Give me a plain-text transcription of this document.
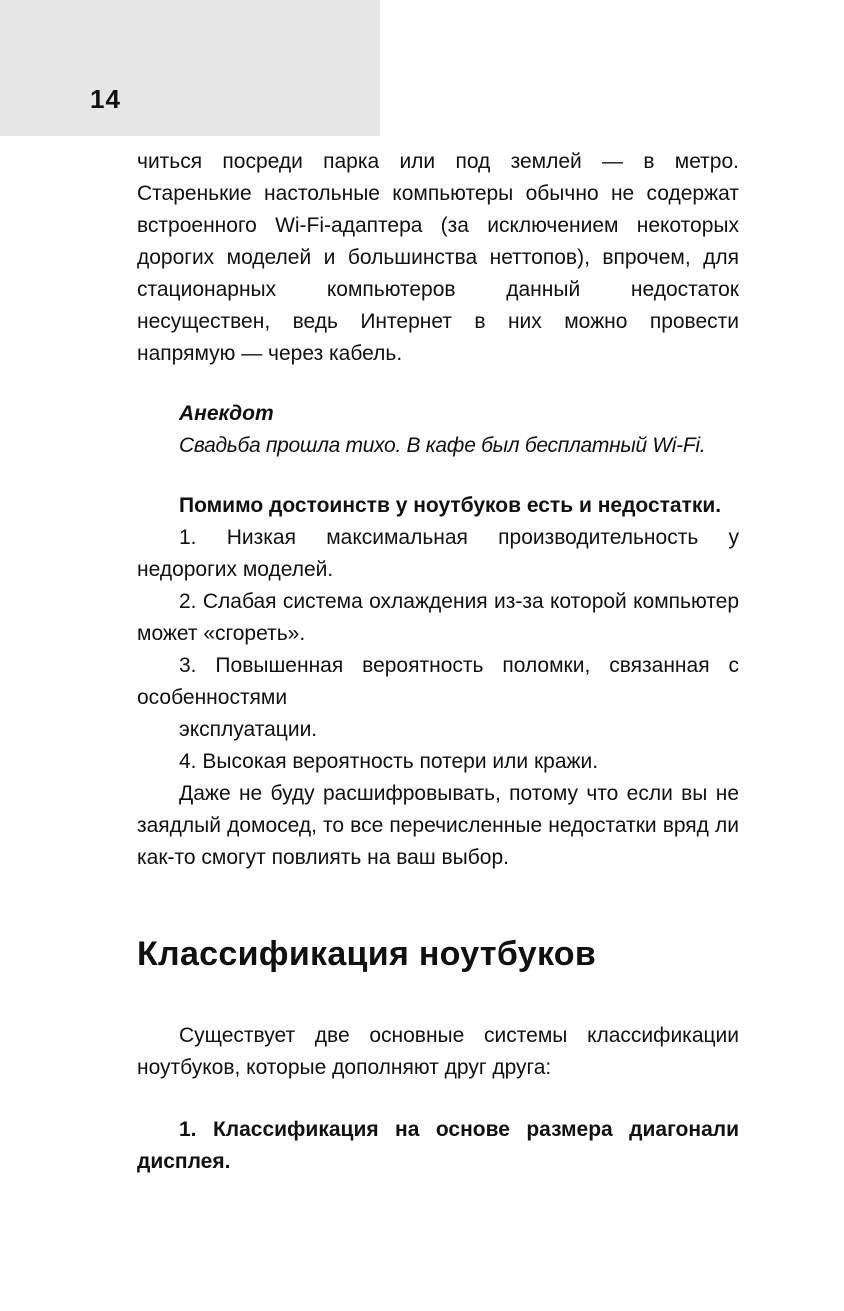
14

читься посреди парка или под землей — в метро. Старенькие настольные компьютеры обычно не содержат встроенного Wi-Fi-адаптера (за исключением некоторых дорогих моделей и большинства неттопов), впрочем, для стационарных компьютеров данный недостаток несуществен, ведь Интернет в них можно провести напрямую — через кабель.

Анекдот

Свадьба прошла тихо. В кафе был бесплатный Wi-Fi.

Помимо достоинств у ноутбуков есть и недостатки.

1. Низкая максимальная производительность у недорогих моделей.

2. Слабая система охлаждения из-за которой компьютер может «сгореть».

3. Повышенная вероятность поломки, связанная с особенностями

эксплуатации.

4. Высокая вероятность потери или кражи.

Даже не буду расшифровывать, потому что если вы не заядлый домосед, то все перечисленные недостатки вряд ли как-то смогут повлиять на ваш выбор.

Классификация ноутбуков

Существует две основные системы классификации ноутбуков, которые дополняют друг друга:

1. Классификация на основе размера диагонали дисплея.
